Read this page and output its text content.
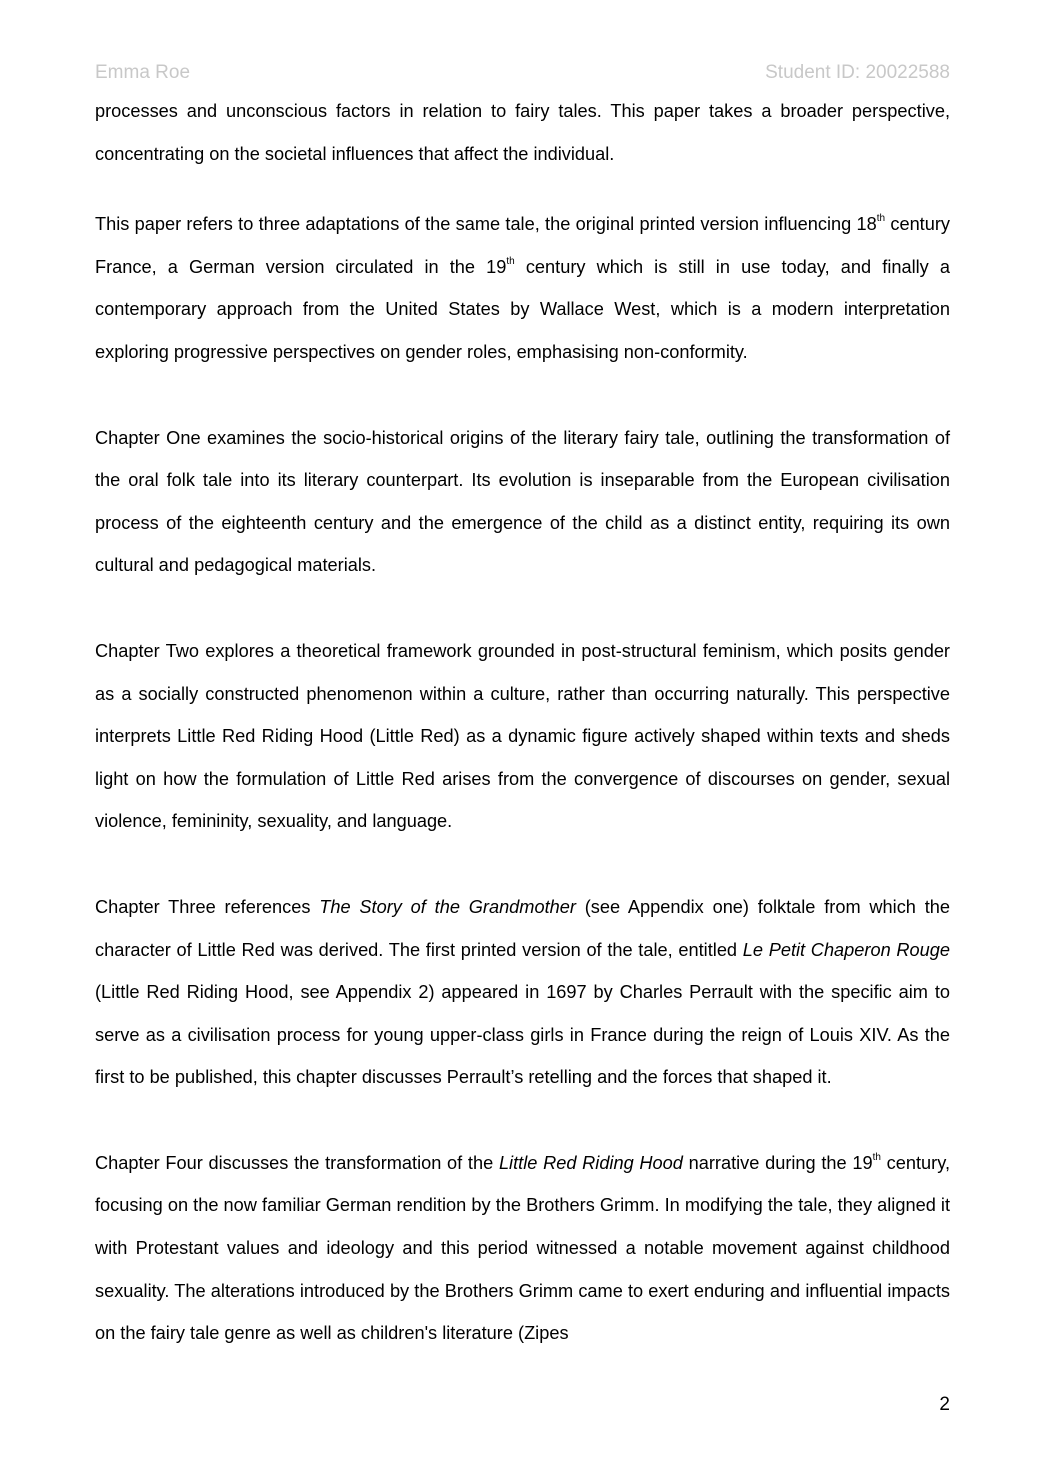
Emma Roe	Student ID: 20022588

processes and unconscious factors in relation to fairy tales. This paper takes a broader perspective, concentrating on the societal influences that affect the individual.

This paper refers to three adaptations of the same tale, the original printed version influencing 18th century France, a German version circulated in the 19th century which is still in use today, and finally a contemporary approach from the United States by Wallace West, which is a modern interpretation exploring progressive perspectives on gender roles, emphasising non-conformity.

Chapter One examines the socio-historical origins of the literary fairy tale, outlining the transformation of the oral folk tale into its literary counterpart. Its evolution is inseparable from the European civilisation process of the eighteenth century and the emergence of the child as a distinct entity, requiring its own cultural and pedagogical materials.

Chapter Two explores a theoretical framework grounded in post-structural feminism, which posits gender as a socially constructed phenomenon within a culture, rather than occurring naturally. This perspective interprets Little Red Riding Hood (Little Red) as a dynamic figure actively shaped within texts and sheds light on how the formulation of Little Red arises from the convergence of discourses on gender, sexual violence, femininity, sexuality, and language.

Chapter Three references The Story of the Grandmother (see Appendix one) folktale from which the character of Little Red was derived. The first printed version of the tale, entitled Le Petit Chaperon Rouge (Little Red Riding Hood, see Appendix 2) appeared in 1697 by Charles Perrault with the specific aim to serve as a civilisation process for young upper-class girls in France during the reign of Louis XIV. As the first to be published, this chapter discusses Perrault’s retelling and the forces that shaped it.

Chapter Four discusses the transformation of the Little Red Riding Hood narrative during the 19th century, focusing on the now familiar German rendition by the Brothers Grimm. In modifying the tale, they aligned it with Protestant values and ideology and this period witnessed a notable movement against childhood sexuality. The alterations introduced by the Brothers Grimm came to exert enduring and influential impacts on the fairy tale genre as well as children's literature (Zipes

2
